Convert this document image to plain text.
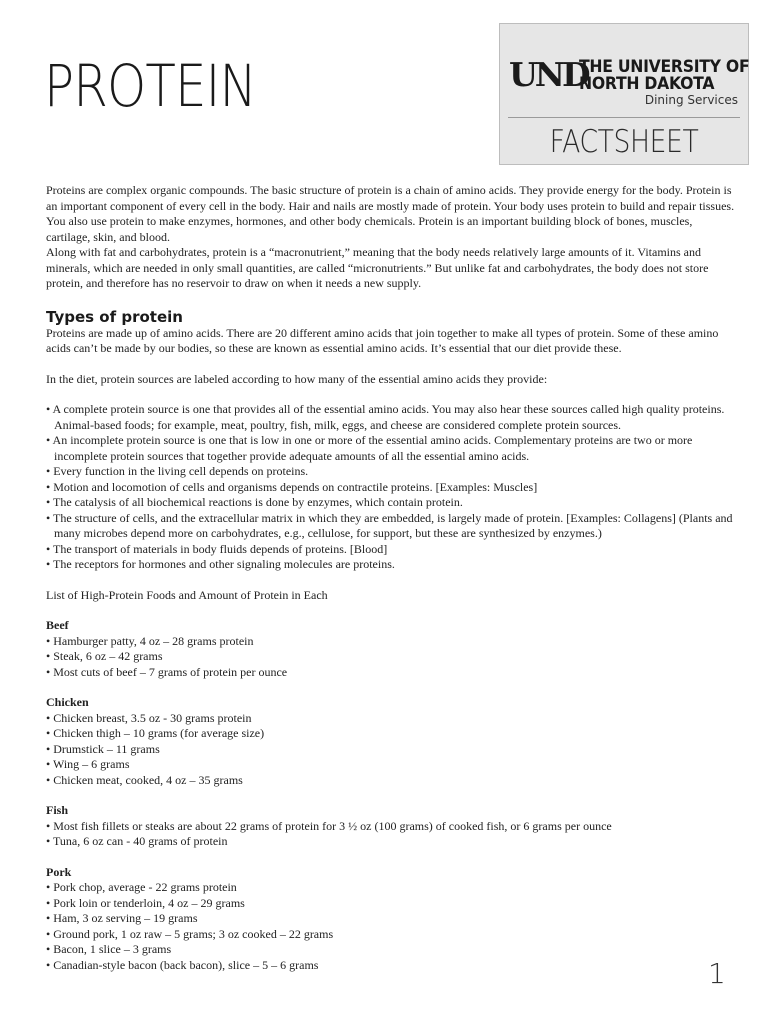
PROTEIN	UND
THE UNIVERSITY OF
NORTH DAKOTA
Dining Services
FACTSHEET

Proteins are complex organic compounds. The basic structure of protein is a chain of amino acids. They provide energy for the body. Protein is an important component of every cell in the body. Hair and nails are mostly made of protein. Your body uses protein to build and repair tissues. You also use protein to make enzymes, hormones, and other body chemicals. Protein is an important building block of bones, muscles, cartilage, skin, and blood.

Along with fat and carbohydrates, protein is a “macronutrient,” meaning that the body needs relatively large amounts of it. Vitamins and minerals, which are needed in only small quantities, are called “micronutrients.” But unlike fat and carbohydrates, the body does not store protein, and therefore has no reservoir to draw on when it needs a new supply.

Types of protein

Proteins are made up of amino acids. There are 20 different amino acids that join together to make all types of protein. Some of these amino acids can’t be made by our bodies, so these are known as essential amino acids. It’s essential that our diet provide these.

In the diet, protein sources are labeled according to how many of the essential amino acids they provide:

• A complete protein source is one that provides all of the essential amino acids. You may also hear these sources called high quality proteins. Animal-based foods; for example, meat, poultry, fish, milk, eggs, and cheese are considered complete protein sources.

• An incomplete protein source is one that is low in one or more of the essential amino acids. Complementary proteins are two or more incomplete protein sources that together provide adequate amounts of all the essential amino acids.

• Every function in the living cell depends on proteins.

• Motion and locomotion of cells and organisms depends on contractile proteins. [Examples: Muscles]

• The catalysis of all biochemical reactions is done by enzymes, which contain protein.

• The structure of cells, and the extracellular matrix in which they are embedded, is largely made of protein. [Examples: Collagens] (Plants and many microbes depend more on carbohydrates, e.g., cellulose, for support, but these are synthesized by enzymes.)

• The transport of materials in body fluids depends of proteins. [Blood]

• The receptors for hormones and other signaling molecules are proteins.

List of High-Protein Foods and Amount of Protein in Each

Beef

• Hamburger patty, 4 oz – 28 grams protein

• Steak, 6 oz – 42 grams

• Most cuts of beef – 7 grams of protein per ounce

Chicken

• Chicken breast, 3.5 oz - 30 grams protein

• Chicken thigh – 10 grams (for average size)

• Drumstick – 11 grams

• Wing – 6 grams

• Chicken meat, cooked, 4 oz – 35 grams

Fish

• Most fish fillets or steaks are about 22 grams of protein for 3 ½ oz (100 grams) of cooked fish, or 6 grams per ounce

• Tuna, 6 oz can - 40 grams of protein

Pork

• Pork chop, average - 22 grams protein

• Pork loin or tenderloin, 4 oz – 29 grams

• Ham, 3 oz serving – 19 grams

• Ground pork, 1 oz raw – 5 grams; 3 oz cooked – 22 grams

• Bacon, 1 slice – 3 grams

• Canadian-style bacon (back bacon), slice – 5 – 6 grams	1
